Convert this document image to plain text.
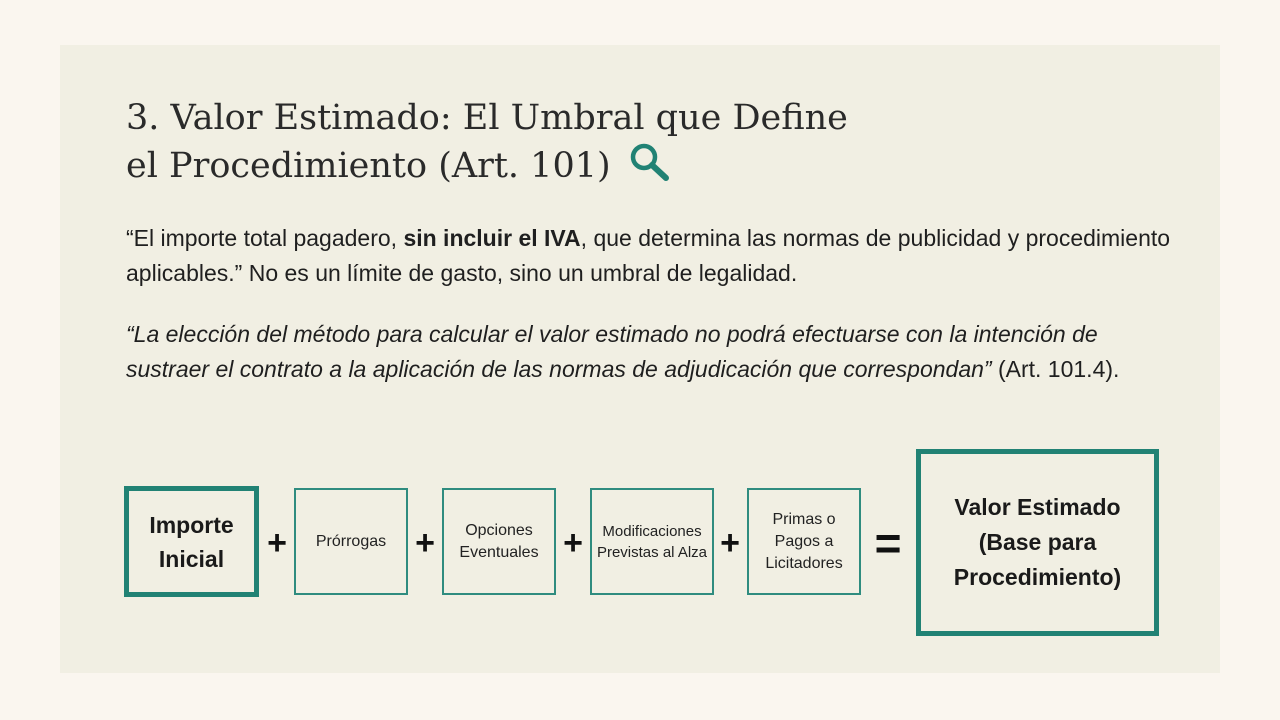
3. Valor Estimado: El Umbral que Define
el Procedimiento (Art. 101)

“El importe total pagadero, sin incluir el IVA, que determina las normas de publicidad y procedimiento aplicables.” No es un límite de gasto, sino un umbral de legalidad.

“La elección del método para calcular el valor estimado no podrá efectuarse con la intención de sustraer el contrato a la aplicación de las normas de adjudicación que correspondan” (Art. 101.4).

Importe Inicial	+	Prórrogas +	Opciones Eventuales +	Modificaciones Previstas al Alza +
Primas o Pagos a Licitadores =
Valor Estimado (Base para Procedimiento)
